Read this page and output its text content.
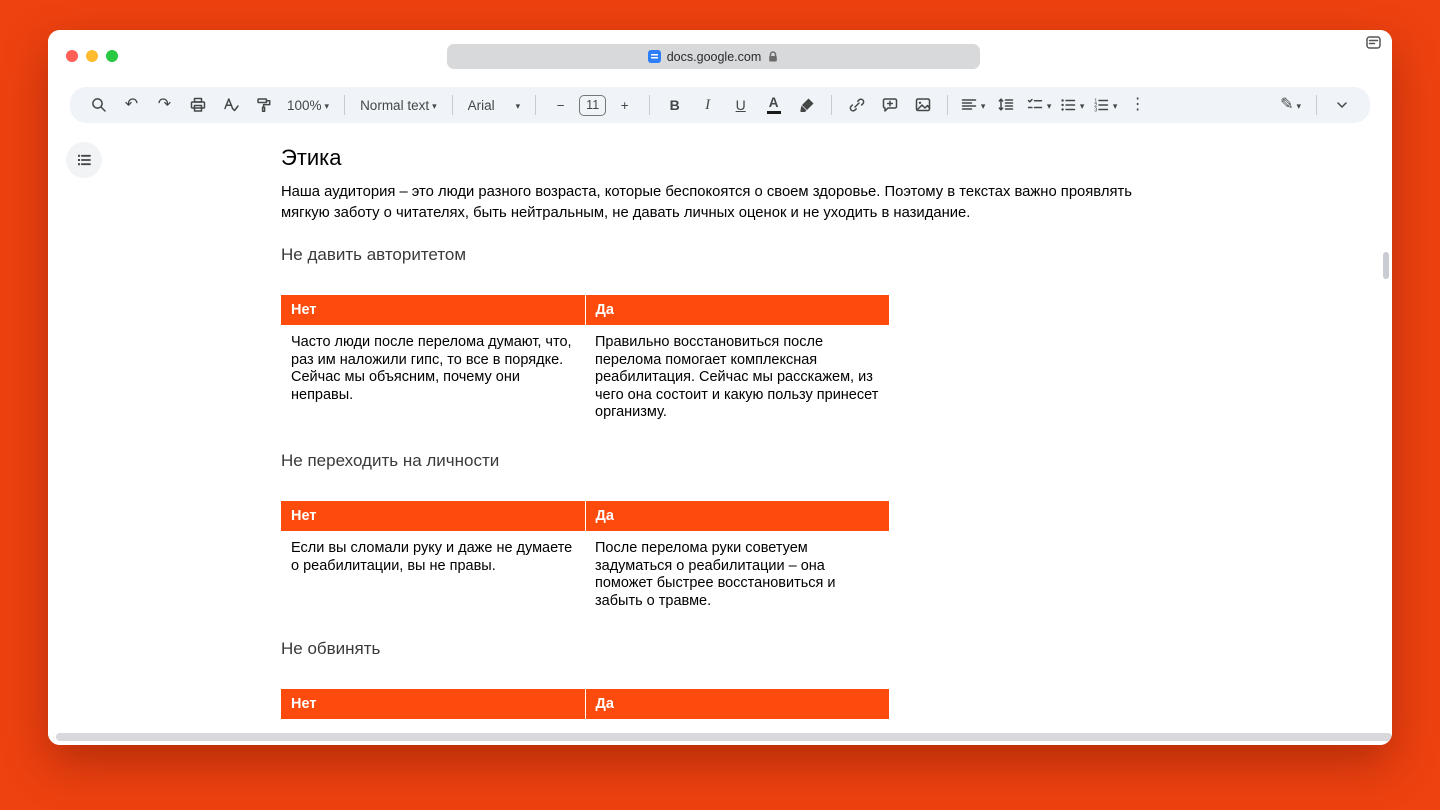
docs.google.com
↶	↷	100% ▾ Normal text ▾ Arial ▾	−	11	+	B	I	U	A	▾	▾	▾ 1
2
3
▾ ⋮	✎ ▾
Этика

Наша аудитория – это люди разного возраста, которые беспокоятся о своем здоровье. Поэтому в текстах важно проявлять мягкую заботу о читателях, быть нейтральным, не давать личных оценок и не уходить в назидание.

Не давить авторитетом
Нет	Да
Часто люди после перелома думают, что, раз им наложили гипс, то все в порядке. Сейчас мы объясним, почему они неправы.	Правильно восстановиться после перелома помогает комплексная реабилитация. Сейчас мы расскажем, из чего она состоит и какую пользу принесет организму.
Не переходить на личности
Нет	Да
Если вы сломали руку и даже не думаете о реабилитации, вы не правы.	После перелома руки советуем задуматься о реабилитации – она поможет быстрее восстановиться и забыть о травме.
Не обвинять
Нет	Да
